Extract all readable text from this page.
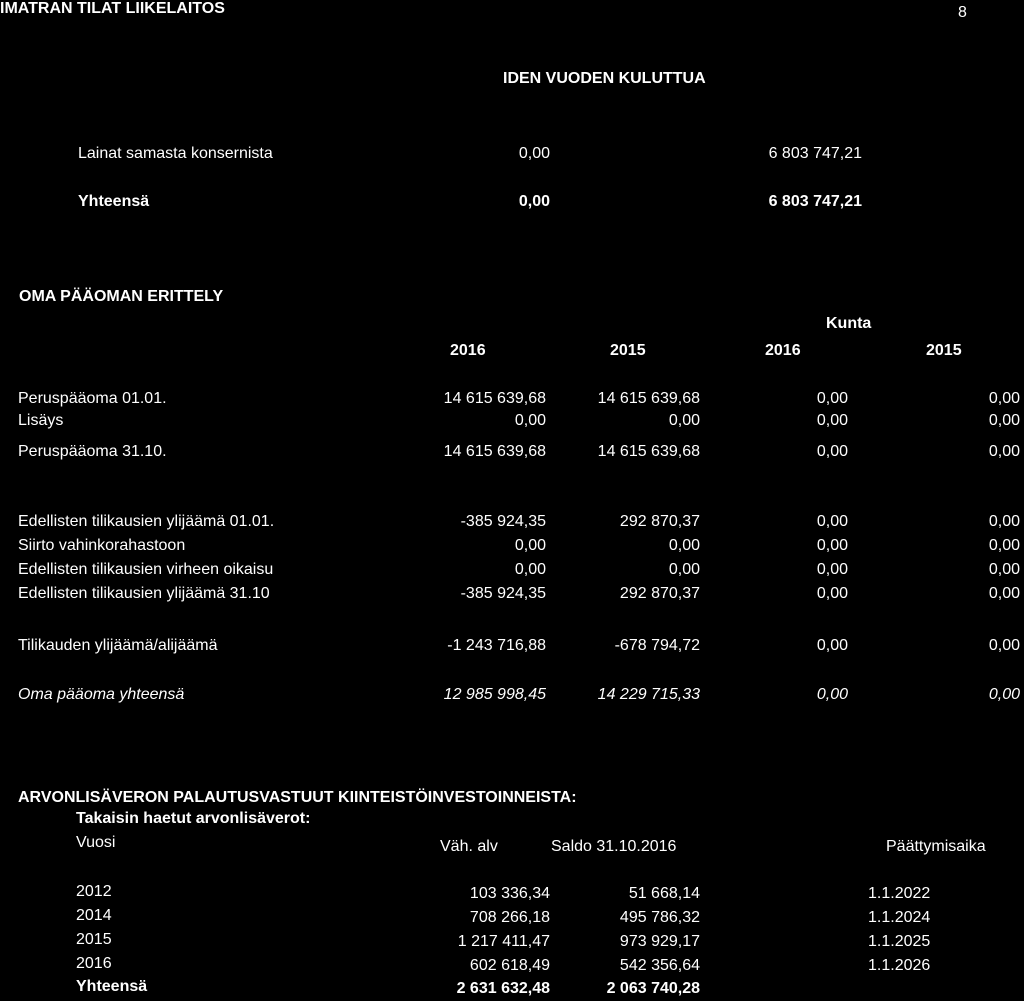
IMATRAN TILAT LIIKELAITOS	8
IDEN VUODEN KULUTTUA
Lainat samasta konsernista	0,00	6 803 747,21
Yhteensä	0,00	6 803 747,21
OMA PÄÄOMAN ERITTELY
Kunta
2016	2015	2016	2015
Peruspääoma 01.01.	14 615 639,68	14 615 639,68	0,00	0,00
Lisäys	0,00	0,00	0,00	0,00
Peruspääoma 31.10.	14 615 639,68	14 615 639,68	0,00	0,00
Edellisten tilikausien ylijäämä 01.01.	-385 924,35	292 870,37	0,00	0,00
Siirto vahinkorahastoon	0,00	0,00	0,00	0,00
Edellisten tilikausien virheen oikaisu	0,00	0,00	0,00	0,00
Edellisten tilikausien ylijäämä 31.10	-385 924,35	292 870,37	0,00	0,00
Tilikauden ylijäämä/alijäämä	-1 243 716,88	-678 794,72	0,00	0,00
Oma pääoma yhteensä	12 985 998,45	14 229 715,33	0,00	0,00
ARVONLISÄVERON PALAUTUSVASTUUT KIINTEISTÖINVESTOINNEISTA:
Takaisin haetut arvonlisäverot:
Vuosi	Väh. alv	Saldo 31.10.2016	Päättymisaika
2012	103 336,34	51 668,14	1.1.2022
2014	708 266,18	495 786,32	1.1.2024
2015	1 217 411,47	973 929,17	1.1.2025
2016	602 618,49	542 356,64	1.1.2026
Yhteensä	2 631 632,48	2 063 740,28
